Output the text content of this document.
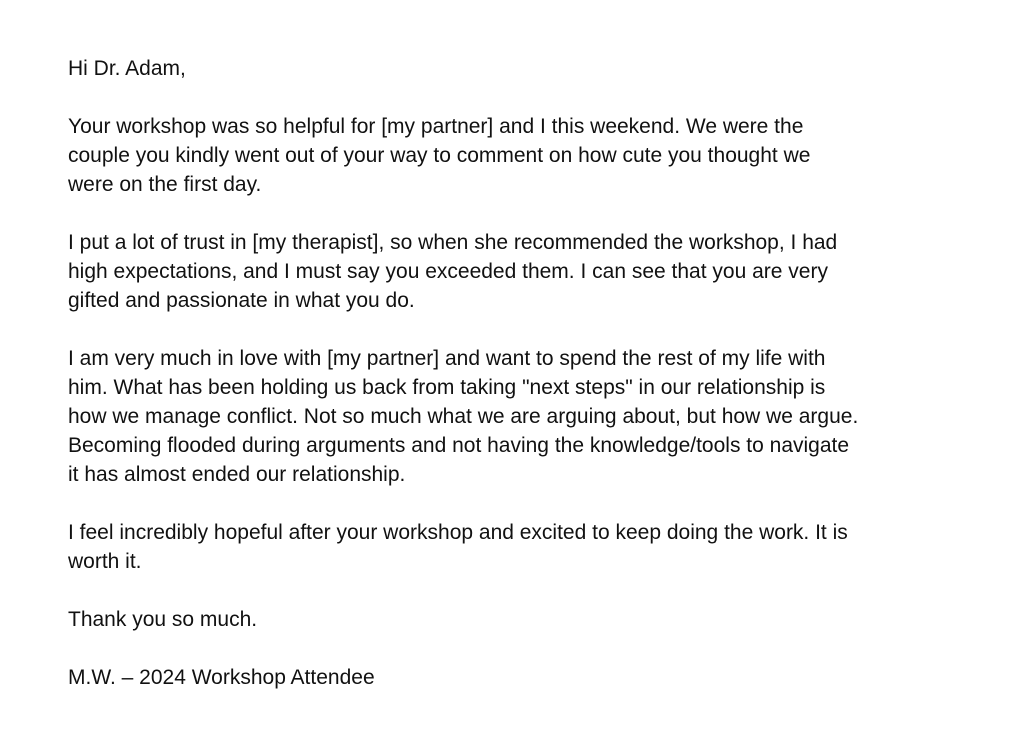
Hi Dr. Adam,

Your workshop was so helpful for [my partner] and I this weekend. We were the
couple you kindly went out of your way to comment on how cute you thought we
were on the first day.

I put a lot of trust in [my therapist], so when she recommended the workshop, I had
high expectations, and I must say you exceeded them. I can see that you are very
gifted and passionate in what you do.

I am very much in love with [my partner] and want to spend the rest of my life with
him. What has been holding us back from taking "next steps" in our relationship is
how we manage conflict. Not so much what we are arguing about, but how we argue.
Becoming flooded during arguments and not having the knowledge/tools to navigate
it has almost ended our relationship.

I feel incredibly hopeful after your workshop and excited to keep doing the work. It is
worth it.

Thank you so much.

M.W. – 2024 Workshop Attendee
